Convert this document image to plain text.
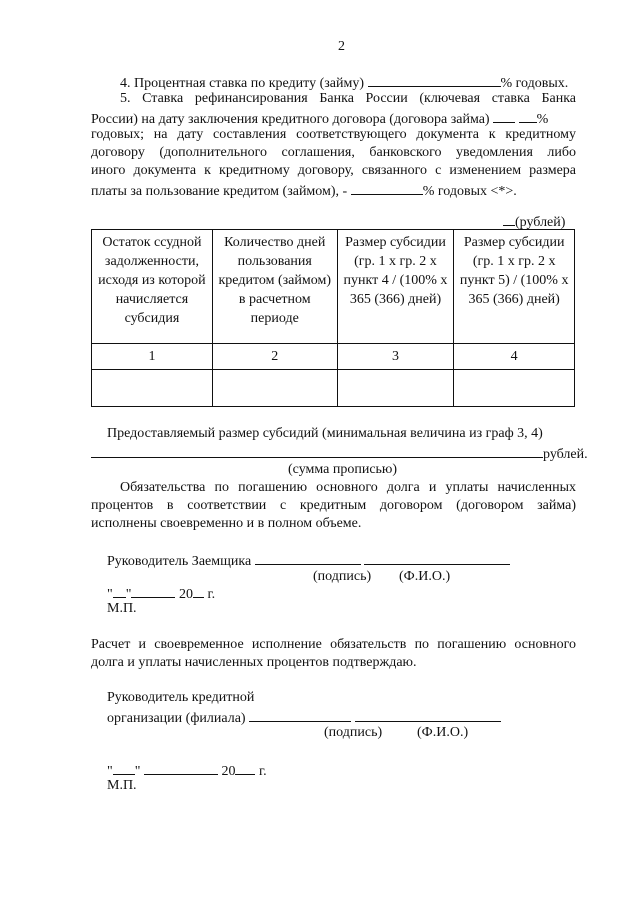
2
4. Процентная ставка по кредиту (займу)	% годовых.
5. Ставка рефинансирования Банка России (ключевая ставка Банка
России) на дату заключения кредитного договора (договора займа)	%
годовых; на дату составления соответствующего документа к кредитному
договору (дополнительного соглашения, банковского уведомления либо
иного документа к кредитному договору, связанного с изменением размера
платы за пользование кредитом (займом), -	% годовых <*>.
(рублей)
Остаток ссудной задолженности, исходя из которой начисляется субсидия	Количество дней пользования кредитом (займом) в расчетном периоде	Размер субсидии (гр. 1 x гр. 2 x пункт 4 / (100% x 365 (366) дней)	Размер субсидии (гр. 1 x гр. 2 x пункт 5) / (100% x 365 (366) дней)
1	2	3	4

Предоставляемый размер субсидий (минимальная величина из граф 3, 4)
рублей.
(сумма прописью)
Обязательства по погашению основного долга и уплаты начисленных
процентов в соответствии с кредитным договором (договором займа)
исполнены своевременно и в полном объеме.
Руководитель Заемщика
(подпись) (Ф.И.О.)
" "	20 г.
М.П.
Расчет и своевременное исполнение обязательств по погашению основного
долга и уплаты начисленных процентов подтверждаю.
Руководитель кредитной
организации (филиала)
(подпись) (Ф.И.О.)
" "	20 г.
М.П.
